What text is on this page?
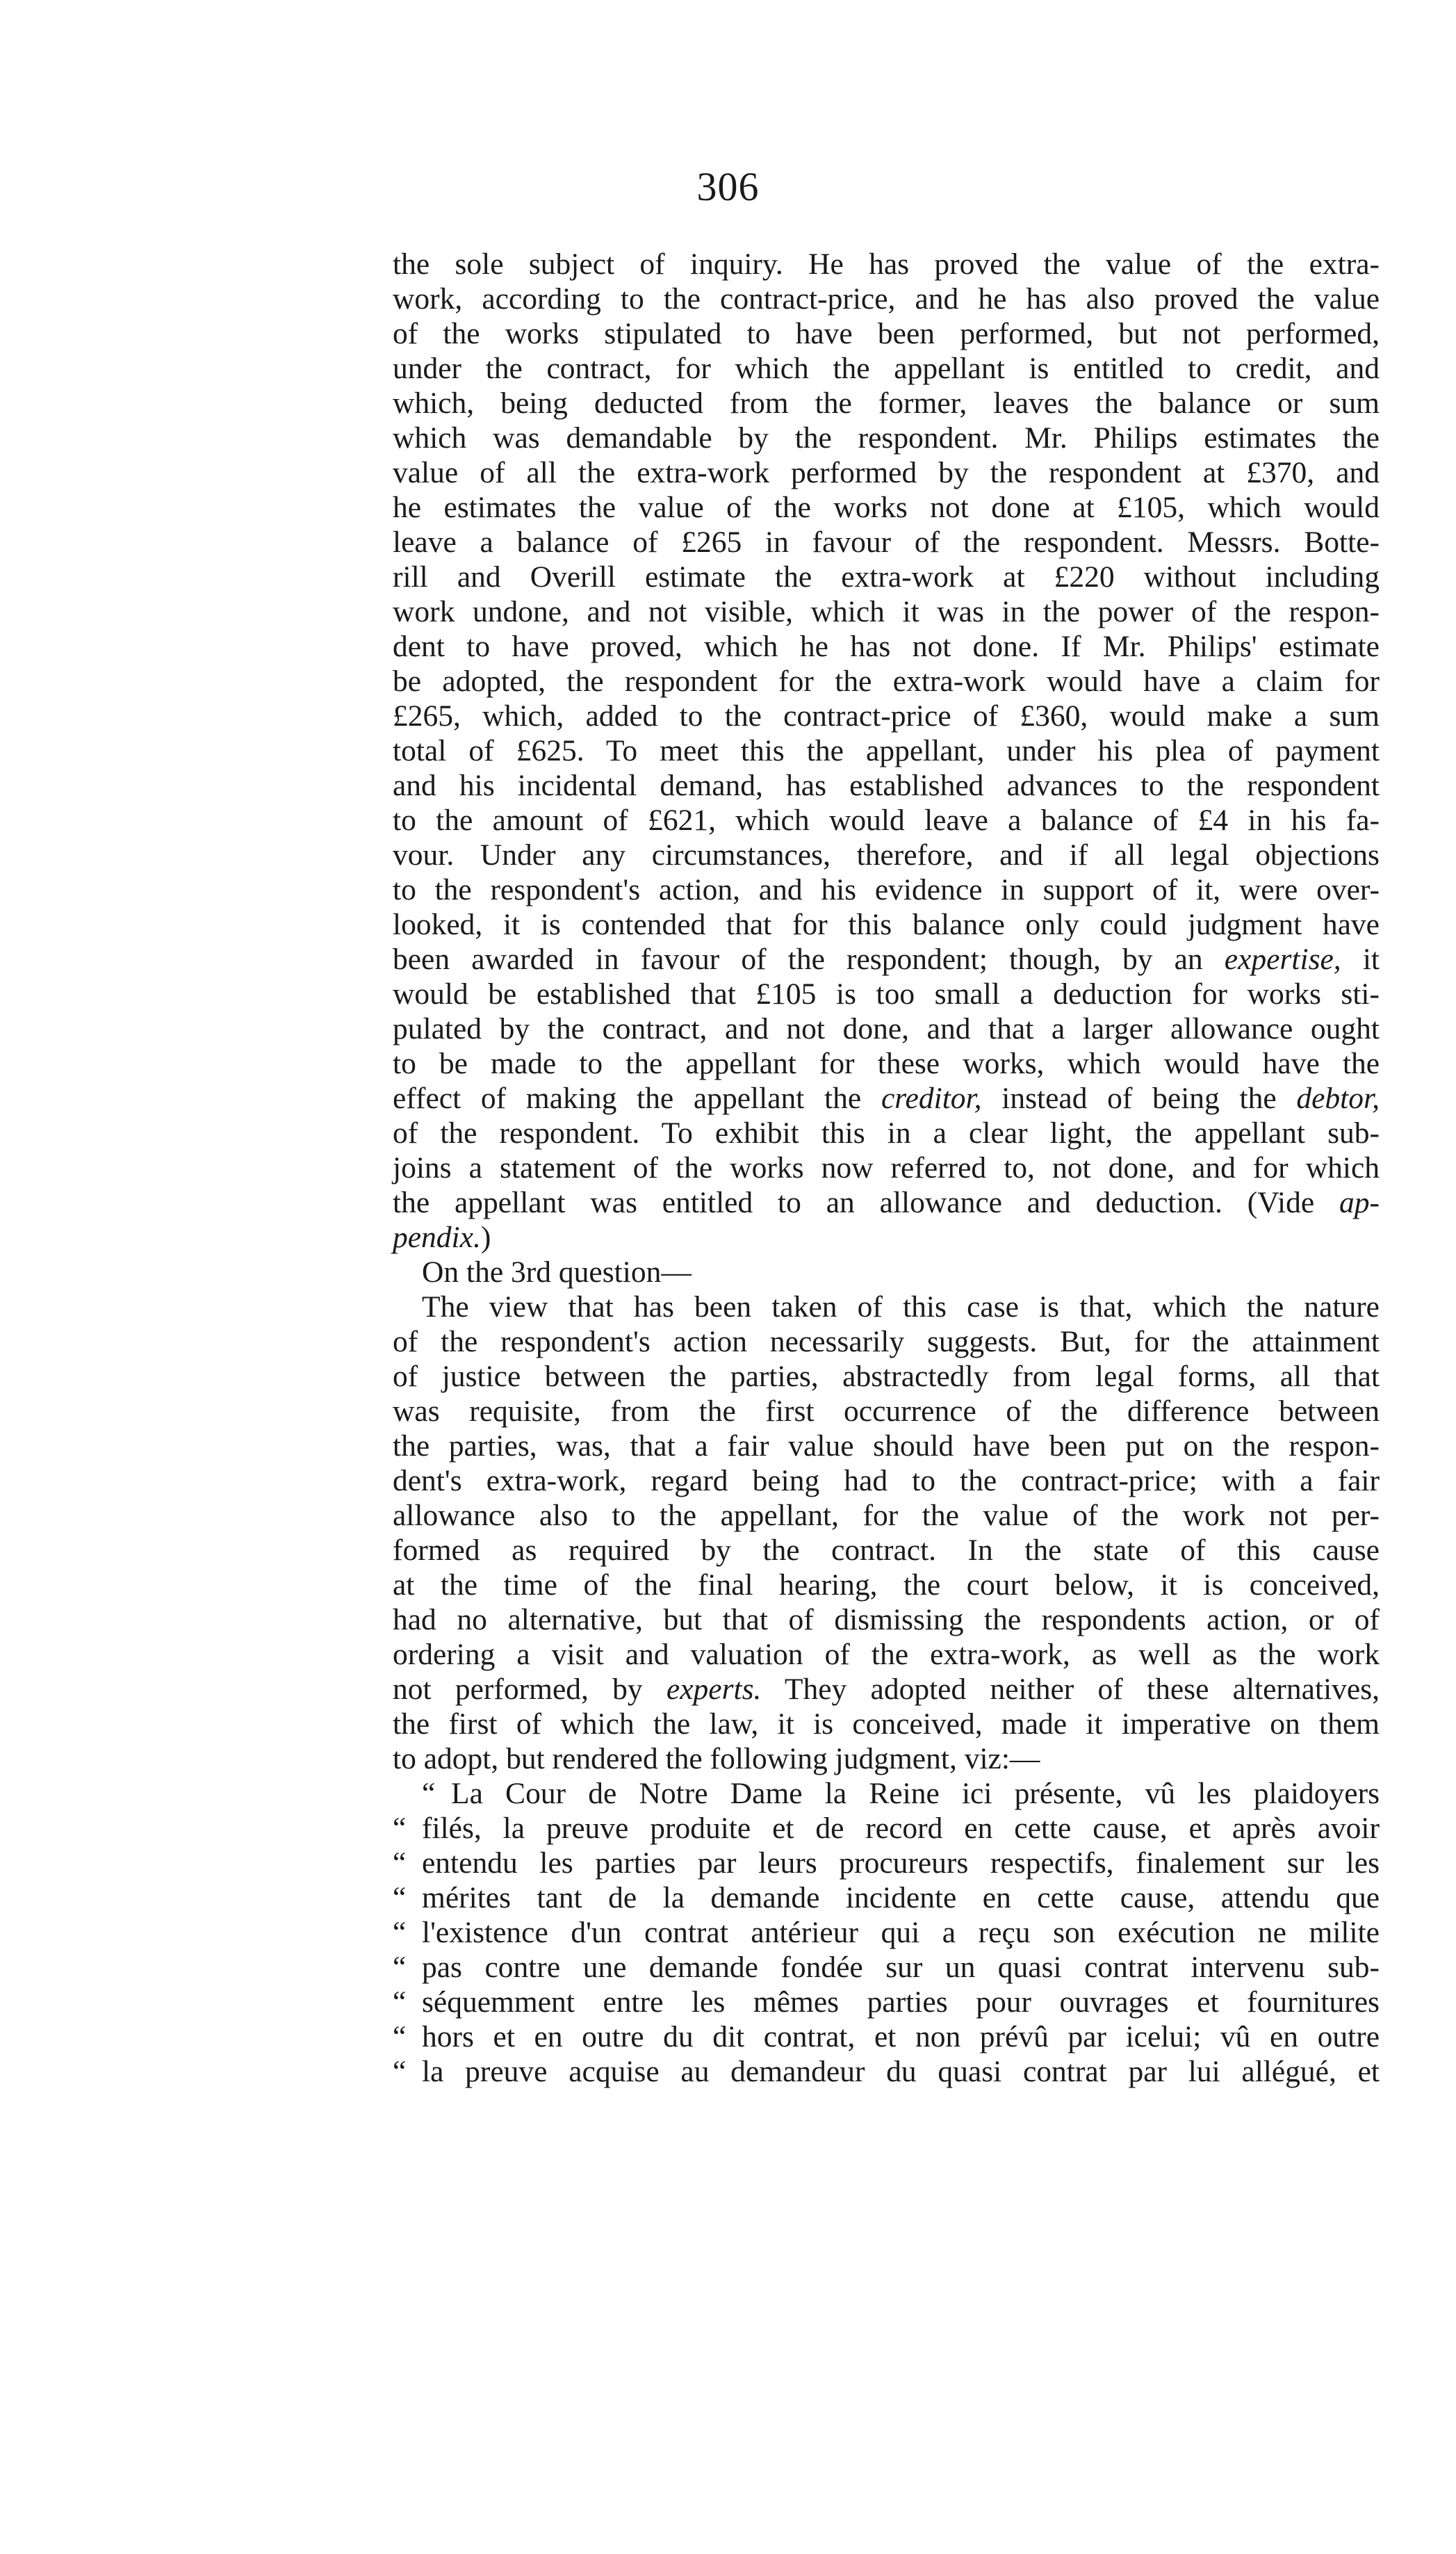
306
the sole subject of inquiry. He has proved the value of the extra-
work, according to the contract-price, and he has also proved the value
of the works stipulated to have been performed, but not performed,
under the contract, for which the appellant is entitled to credit, and
which, being deducted from the former, leaves the balance or sum
which was demandable by the respondent. Mr. Philips estimates the
value of all the extra-work performed by the respondent at £370, and
he estimates the value of the works not done at £105, which would
leave a balance of £265 in favour of the respondent. Messrs. Botte-
rill and Overill estimate the extra-work at £220 without including
work undone, and not visible, which it was in the power of the respon-
dent to have proved, which he has not done. If Mr. Philips' estimate
be adopted, the respondent for the extra-work would have a claim for
£265, which, added to the contract-price of £360, would make a sum
total of £625. To meet this the appellant, under his plea of payment
and his incidental demand, has established advances to the respondent
to the amount of £621, which would leave a balance of £4 in his fa-
vour. Under any circumstances, therefore, and if all legal objections
to the respondent's action, and his evidence in support of it, were over-
looked, it is contended that for this balance only could judgment have
been awarded in favour of the respondent; though, by an expertise, it
would be established that £105 is too small a deduction for works sti-
pulated by the contract, and not done, and that a larger allowance ought
to be made to the appellant for these works, which would have the
effect of making the appellant the creditor, instead of being the debtor,
of the respondent. To exhibit this in a clear light, the appellant sub-
joins a statement of the works now referred to, not done, and for which
the appellant was entitled to an allowance and deduction. (Vide ap-
pendix.)
On the 3rd question—
The view that has been taken of this case is that, which the nature
of the respondent's action necessarily suggests. But, for the attainment
of justice between the parties, abstractedly from legal forms, all that
was requisite, from the first occurrence of the difference between
the parties, was, that a fair value should have been put on the respon-
dent's extra-work, regard being had to the contract-price; with a fair
allowance also to the appellant, for the value of the work not per-
formed as required by the contract. In the state of this cause
at the time of the final hearing, the court below, it is conceived,
had no alternative, but that of dismissing the respondents action, or of
ordering a visit and valuation of the extra-work, as well as the work
not performed, by experts. They adopted neither of these alternatives,
the first of which the law, it is conceived, made it imperative on them
to adopt, but rendered the following judgment, viz:—
“ La Cour de Notre Dame la Reine ici présente, vû les plaidoyers
“ filés, la preuve produite et de record en cette cause, et après avoir
“ entendu les parties par leurs procureurs respectifs, finalement sur les
“ mérites tant de la demande incidente en cette cause, attendu que
“ l'existence d'un contrat antérieur qui a reçu son exécution ne milite
“ pas contre une demande fondée sur un quasi contrat intervenu sub-
“ séquemment entre les mêmes parties pour ouvrages et fournitures
“ hors et en outre du dit contrat, et non prévû par icelui; vû en outre
“ la preuve acquise au demandeur du quasi contrat par lui allégué, et
